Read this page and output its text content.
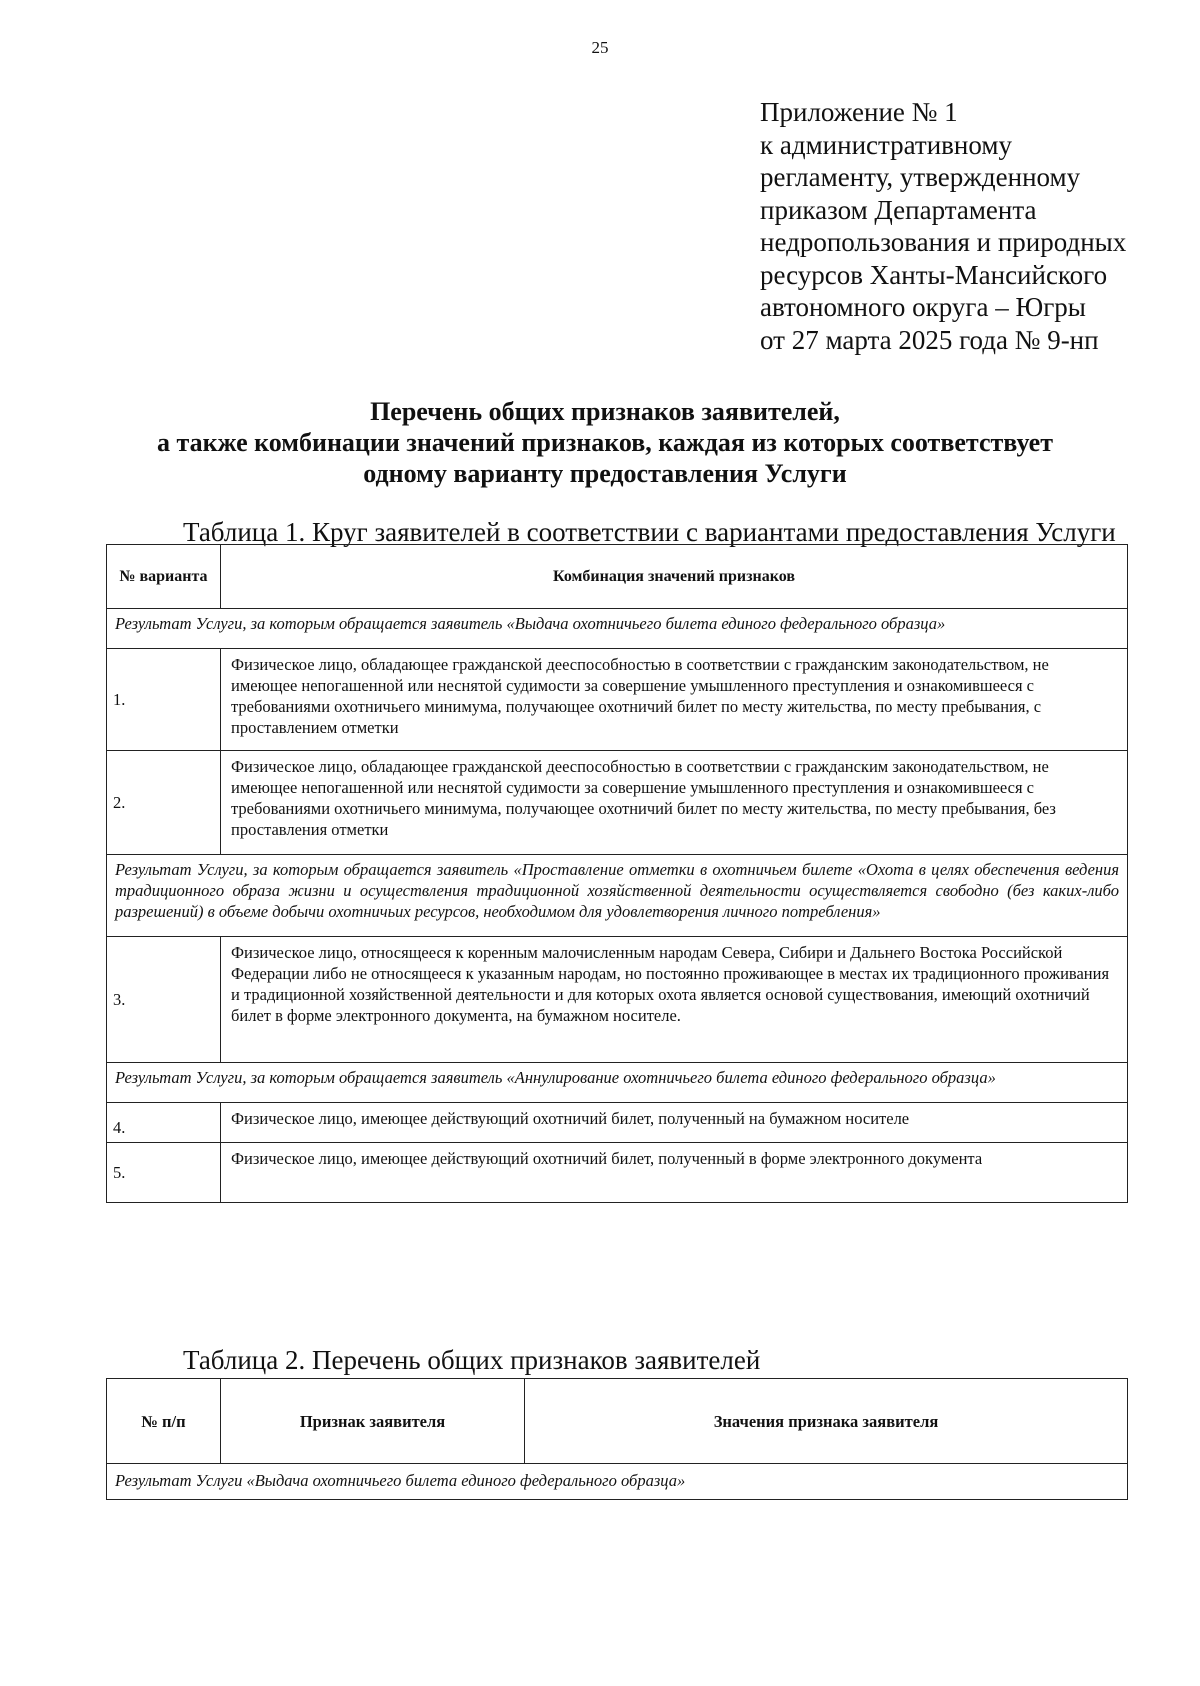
25
Приложение № 1
к административному
регламенту, утвержденному
приказом Департамента
недропользования и природных
ресурсов Ханты-Мансийского
автономного округа – Югры
от 27 марта 2025 года № 9-нп
Перечень общих признаков заявителей,
а также комбинации значений признаков, каждая из которых соответствует
одному варианту предоставления Услуги
Таблица 1. Круг заявителей в соответствии с вариантами предоставления Услуги
№ варианта	Комбинация значений признаков
Результат Услуги, за которым обращается заявитель «Выдача охотничьего билета единого федерального образца»	
1.	Физическое лицо, обладающее гражданской дееспособностью в соответствии с гражданским законодательством, не имеющее непогашенной или неснятой судимости за совершение умышленного преступления и ознакомившееся с требованиями охотничьего минимума, получающее охотничий билет по месту жительства, по месту пребывания, с проставлением отметки
2.	Физическое лицо, обладающее гражданской дееспособностью в соответствии с гражданским законодательством, не имеющее непогашенной или неснятой судимости за совершение умышленного преступления и ознакомившееся с требованиями охотничьего минимума, получающее охотничий билет по месту жительства, по месту пребывания, без проставления отметки
Результат Услуги, за которым обращается заявитель «Проставление отметки в охотничьем билете «Охота в целях обеспечения ведения традиционного образа жизни и осуществления традиционной хозяйственной деятельности осуществляется свободно (без каких-либо разрешений) в объеме добычи охотничьих ресурсов, необходимом для удовлетворения личного потребления»	
3.	Физическое лицо, относящееся к коренным малочисленным народам Севера, Сибири и Дальнего Востока Российской Федерации либо не относящееся к указанным народам, но постоянно проживающее в местах их традиционного проживания и традиционной хозяйственной деятельности и для которых охота является основой существования, имеющий охотничий билет в форме электронного документа, на бумажном носителе.
Результат Услуги, за которым обращается заявитель «Аннулирование охотничьего билета единого федерального образца»	
4.	Физическое лицо, имеющее действующий охотничий билет, полученный на бумажном носителе
5.	Физическое лицо, имеющее действующий охотничий билет, полученный в форме электронного документа
Таблица 2. Перечень общих признаков заявителей
№ п/п	Признак заявителя	Значения признака заявителя
Результат Услуги «Выдача охотничьего билета единого федерального образца»
